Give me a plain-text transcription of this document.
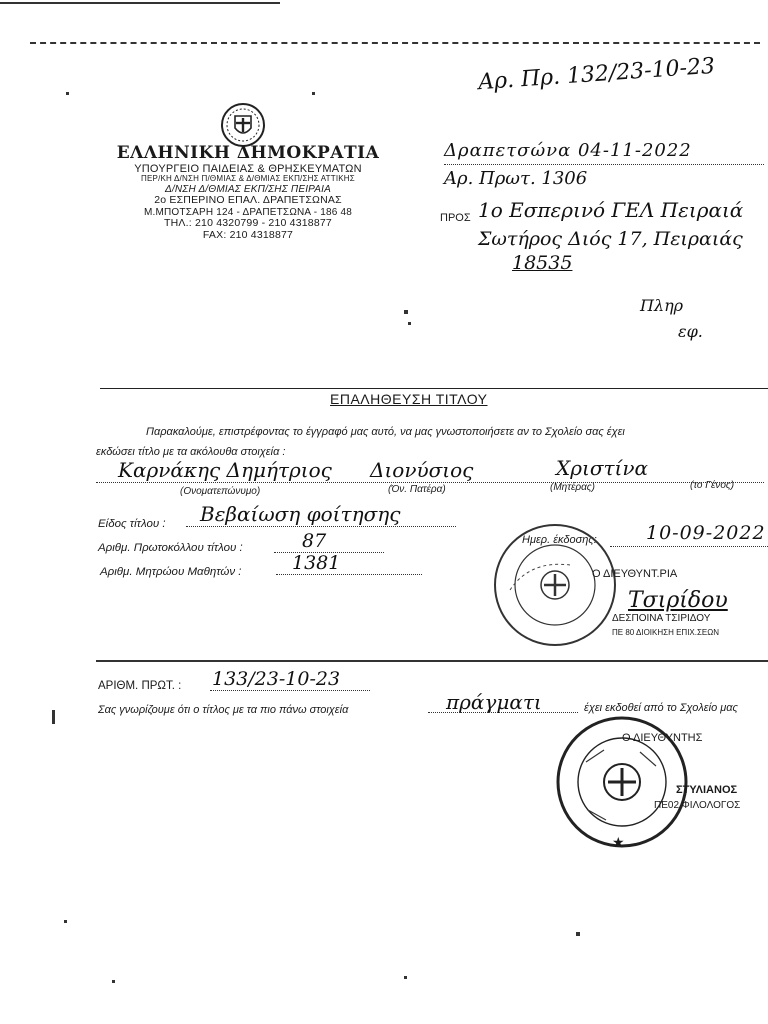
Αρ. Πρ. 132/23-10-23
ΕΛΛΗΝΙΚΗ ΔΗΜΟΚΡΑΤΙΑ
ΥΠΟΥΡΓΕΙΟ ΠΑΙΔΕΙΑΣ & ΘΡΗΣΚΕΥΜΑΤΩΝ
ΠΕΡ/ΚΗ Δ/ΝΣΗ Π/ΘΜΙΑΣ & Δ/ΘΜΙΑΣ ΕΚΠ/ΣΗΣ ΑΤΤΙΚΗΣ
Δ/ΝΣΗ Δ/ΘΜΙΑΣ ΕΚΠ/ΣΗΣ ΠΕΙΡΑΙΑ
2ο ΕΣΠΕΡΙΝΟ ΕΠΑΛ. ΔΡΑΠΕΤΣΩΝΑΣ
Μ.ΜΠΟΤΣΑΡΗ 124 - ΔΡΑΠΕΤΣΩΝΑ - 186 48
ΤΗΛ.: 210 4320799 - 210 4318877
FAX: 210 4318877
Δραπετσώνα 04-11-2022
Αρ. Πρωτ. 1306
ΠΡΟΣ 1ο Εσπερινό ΓΕΛ Πειραιά
Σωτήρος Διός 17, Πειραιάς
18535
Πληρ
εφ.
ΕΠΑΛΗΘΕΥΣΗ ΤΙΤΛΟΥ
Παρακαλούμε, επιστρέφοντας το έγγραφό μας αυτό, να μας γνωστοποιήσετε αν το Σχολείο σας έχει
εκδώσει τίτλο με τα ακόλουθα στοιχεία :
Καρνάκης Δημήτριος Διονύσιος	Χριστίνα
(Ονοματεπώνυμο)	(Όν. Πατέρα)	(Μητέρας)	(το Γένος)
Είδος τίτλου : Βεβαίωση φοίτησης
Αριθμ. Πρωτοκόλλου τίτλου :	87	Ημερ. έκδοσης:	10-09-2022
Αριθμ. Μητρώου Μαθητών :	1381	Ο ΔΙΕΥΘΥΝΤ.ΡΙΑ
Τσιρίδου
ΔΕΣΠΟΙΝΑ ΤΣΙΡΙΔΟΥ
ΠΕ 80 ΔΙΟΙΚΗΣΗ ΕΠΙΧ.ΣΕΩΝ
ΑΡΙΘΜ. ΠΡΩΤ. : 133/23-10-23
Σας γνωρίζουμε ότι ο τίτλος με τα πιο πάνω στοιχεία	πράγματι	έχει εκδοθεί από το Σχολείο μας
Ο ΔΙΕΥΘΥΝΤΗΣ
ΣΤΥΛΙΑΝΟΣ
ΠΕ02 ΦΙΛΟΛΟΓΟΣ
★
